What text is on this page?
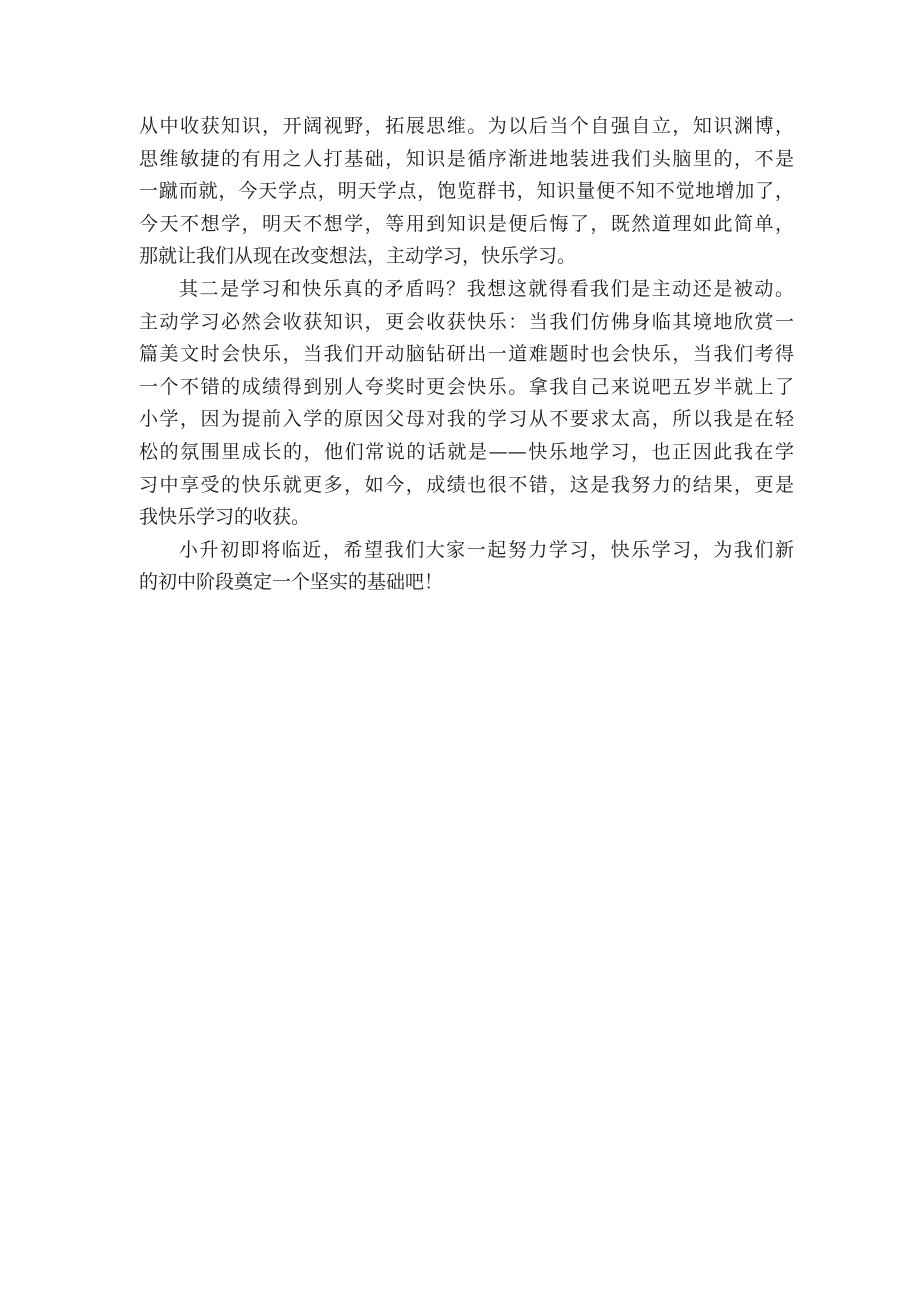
从中收获知识，开阔视野，拓展思维。为以后当个自强自立，知识渊博，
思维敏捷的有用之人打基础，知识是循序渐进地装进我们头脑里的，不是
一蹴而就，今天学点，明天学点，饱览群书，知识量便不知不觉地增加了，
今天不想学，明天不想学，等用到知识是便后悔了，既然道理如此简单，
那就让我们从现在改变想法，主动学习，快乐学习。
其二是学习和快乐真的矛盾吗？我想这就得看我们是主动还是被动。
主动学习必然会收获知识，更会收获快乐：当我们仿佛身临其境地欣赏一
篇美文时会快乐，当我们开动脑钻研出一道难题时也会快乐，当我们考得
一个不错的成绩得到别人夸奖时更会快乐。拿我自己来说吧五岁半就上了
小学，因为提前入学的原因父母对我的学习从不要求太高，所以我是在轻
松的氛围里成长的，他们常说的话就是——快乐地学习，也正因此我在学
习中享受的快乐就更多，如今，成绩也很不错，这是我努力的结果，更是
我快乐学习的收获。
小升初即将临近，希望我们大家一起努力学习，快乐学习，为我们新
的初中阶段奠定一个坚实的基础吧！
